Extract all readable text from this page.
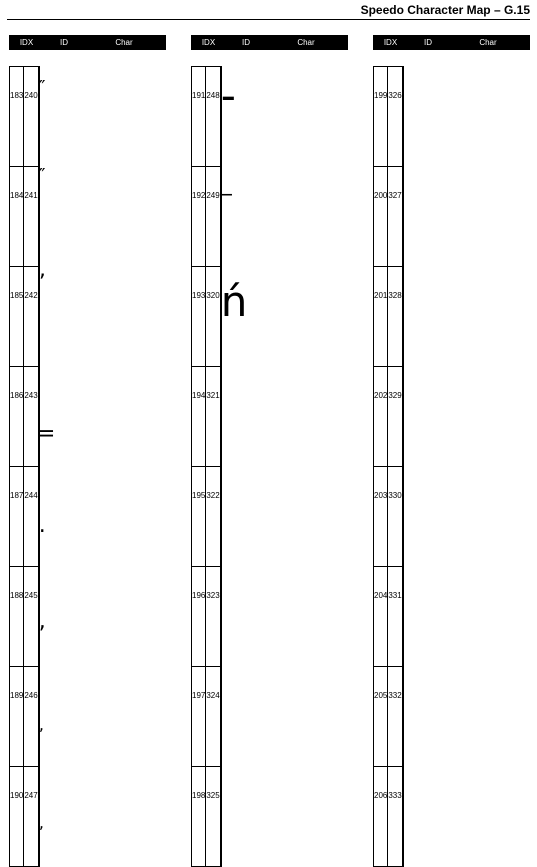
Speedo Character Map – G.15
IDX	ID	Char
183	240	″

184	241	″

185	242	’

186	243	‗

187	244	.

188	245	,

189	246	‚

190	247	‚
IDX	ID	Char
191	248	-

192	249	_

193	320	ń

194	321	

195	322	

196	323	

197	324	

198	325	

IDX	ID	Char
199	326	

200	327	

201	328	

202	329	

203	330	

204	331	

205	332	

206	333	
